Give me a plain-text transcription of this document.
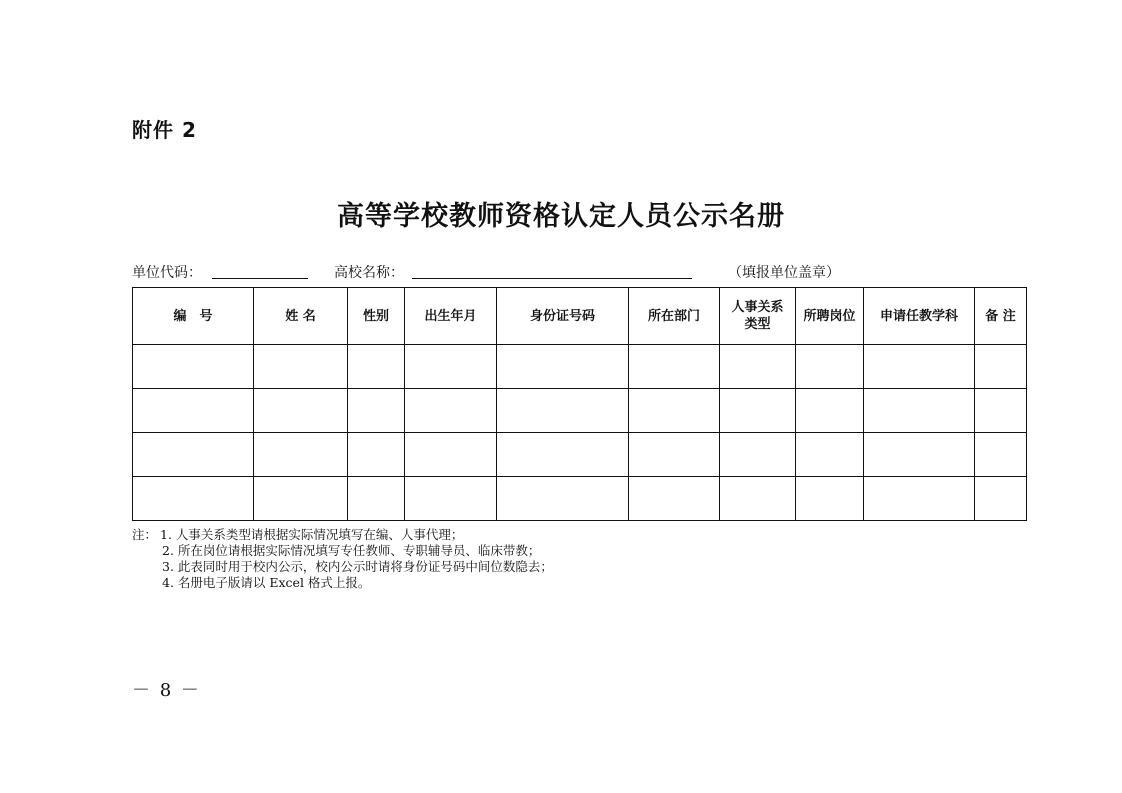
附件 2
高等学校教师资格认定人员公示名册
单位代码：	高校名称：	（填报单位盖章）
编　号	姓 名	性别	出生年月	身份证号码	所在部门	人事关系类型	所聘岗位	申请任教学科	备 注

注： 1. 人事关系类型请根据实际情况填写在编、人事代理；
2. 所在岗位请根据实际情况填写专任教师、专职辅导员、临床带教；
3. 此表同时用于校内公示，校内公示时请将身份证号码中间位数隐去；
4. 名册电子版请以 Excel 格式上报。
－ 8 －
